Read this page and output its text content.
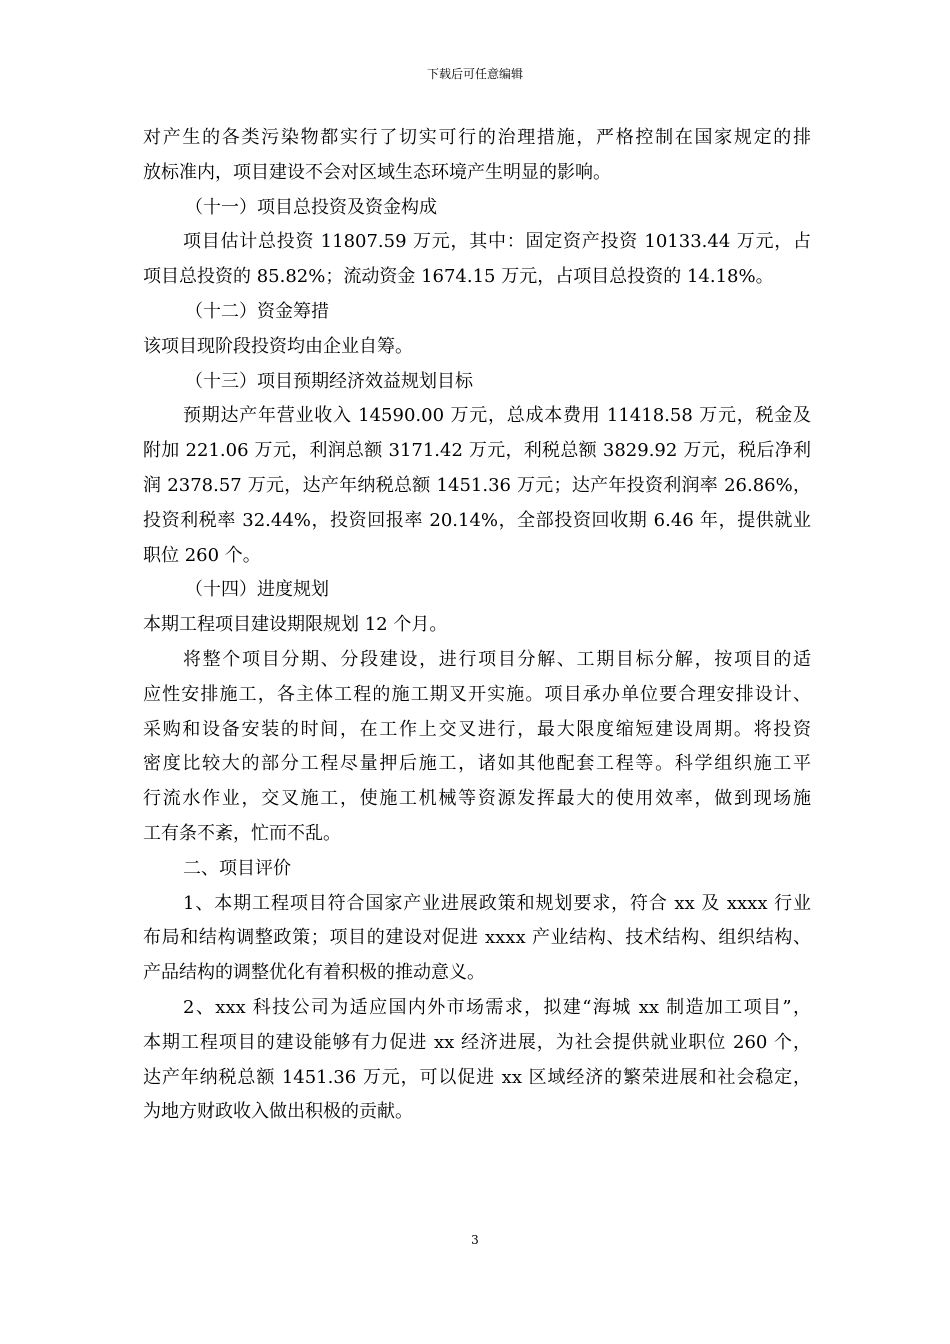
下载后可任意编辑
对产生的各类污染物都实行了切实可行的治理措施，严格控制在国家规定的排
放标准内，项目建设不会对区域生态环境产生明显的影响。
（十一）项目总投资及资金构成
项目估计总投资 11807.59 万元，其中：固定资产投资 10133.44 万元，占
项目总投资的 85.82%；流动资金 1674.15 万元，占项目总投资的 14.18%。
（十二）资金筹措
该项目现阶段投资均由企业自筹。
（十三）项目预期经济效益规划目标
预期达产年营业收入 14590.00 万元，总成本费用 11418.58 万元，税金及
附加 221.06 万元，利润总额 3171.42 万元，利税总额 3829.92 万元，税后净利
润 2378.57 万元，达产年纳税总额 1451.36 万元；达产年投资利润率 26.86%，
投资利税率 32.44%，投资回报率 20.14%，全部投资回收期 6.46 年，提供就业
职位 260 个。
（十四）进度规划
本期工程项目建设期限规划 12 个月。
将整个项目分期、分段建设，进行项目分解、工期目标分解，按项目的适
应性安排施工，各主体工程的施工期叉开实施。项目承办单位要合理安排设计、
采购和设备安装的时间，在工作上交叉进行，最大限度缩短建设周期。将投资
密度比较大的部分工程尽量押后施工，诸如其他配套工程等。科学组织施工平
行流水作业，交叉施工，使施工机械等资源发挥最大的使用效率，做到现场施
工有条不紊，忙而不乱。
二、项目评价
1、本期工程项目符合国家产业进展政策和规划要求，符合 xx 及 xxxx 行业
布局和结构调整政策；项目的建设对促进 xxxx 产业结构、技术结构、组织结构、
产品结构的调整优化有着积极的推动意义。
2、xxx 科技公司为适应国内外市场需求，拟建“海城 xx 制造加工项目”，
本期工程项目的建设能够有力促进 xx 经济进展，为社会提供就业职位 260 个，
达产年纳税总额 1451.36 万元，可以促进 xx 区域经济的繁荣进展和社会稳定，
为地方财政收入做出积极的贡献。
3
